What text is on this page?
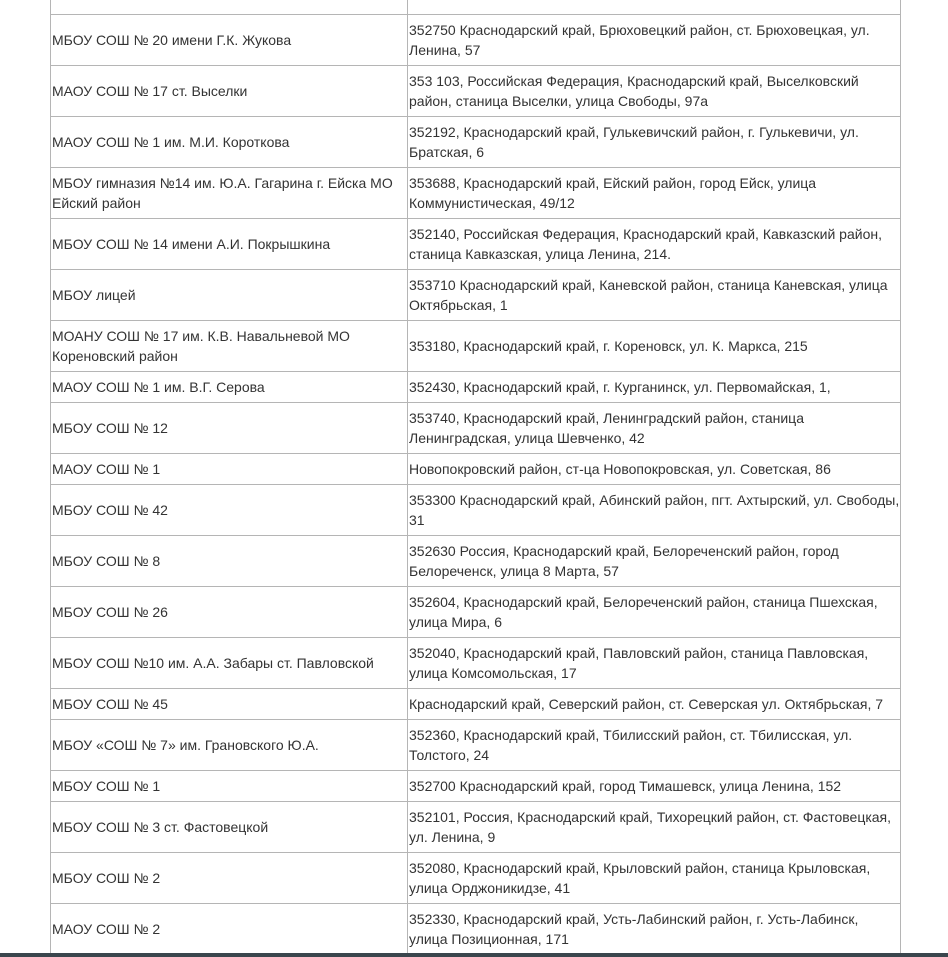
МБОУ СОШ № 20 имени Г.К. Жукова	352750 Краснодарский край, Брюховецкий район, ст. Брюховецкая, ул. Ленина, 57
МАОУ СОШ № 17 ст. Выселки	353 103, Российская Федерация, Краснодарский край, Выселковский район, станица Выселки, улица Свободы, 97а
МАОУ СОШ № 1 им. М.И. Короткова	352192, Краснодарский край, Гулькевичский район, г. Гулькевичи, ул. Братская, 6
МБОУ гимназия №14 им. Ю.А. Гагарина г. Ейска МО Ейский район	353688, Краснодарский край, Ейский район, город Ейск, улица Коммунистическая, 49/12
МБОУ СОШ № 14 имени А.И. Покрышкина	352140, Российская Федерация, Краснодарский край, Кавказский район, станица Кавказская, улица Ленина, 214.
МБОУ лицей	353710 Краснодарский край, Каневской район, станица Каневская, улица Октябрьская, 1
МОАНУ СОШ № 17 им. К.В. Навальневой МО Кореновский район	353180, Краснодарский край, г. Кореновск, ул. К. Маркса, 215
МАОУ СОШ № 1 им. В.Г. Серова	352430, Краснодарский край, г. Курганинск, ул. Первомайская, 1,
МБОУ СОШ № 12	353740, Краснодарский край, Ленинградский район, станица Ленинградская, улица Шевченко, 42
МАОУ СОШ № 1	Новопокровский район, ст-ца Новопокровская, ул. Советская, 86
МБОУ СОШ № 42	353300 Краснодарский край, Абинский район, пгт. Ахтырский, ул. Свободы, 31
МБОУ СОШ № 8	352630 Россия, Краснодарский край, Белореченский район, город Белореченск, улица 8 Марта, 57
МБОУ СОШ № 26	352604, Краснодарский край, Белореченский район, станица Пшехская, улица Мира, 6
МБОУ СОШ №10 им. А.А. Забары ст. Павловской	352040, Краснодарский край, Павловский район, станица Павловская, улица Комсомольская, 17
МБОУ СОШ № 45	Краснодарский край, Северский район, ст. Северская ул. Октябрьская, 7
МБОУ «СОШ № 7» им. Грановского Ю.А.	352360, Краснодарский край, Тбилисский район, ст. Тбилисская, ул. Толстого, 24
МБОУ СОШ № 1	352700 Краснодарский край, город Тимашевск, улица Ленина, 152
МБОУ СОШ № 3 ст. Фастовецкой	352101, Россия, Краснодарский край, Тихорецкий район, ст. Фастовецкая, ул. Ленина, 9
МБОУ СОШ № 2	352080, Краснодарский край, Крыловский район, станица Крыловская, улица Орджоникидзе, 41
МАОУ СОШ № 2	352330, Краснодарский край, Усть-Лабинский район, г. Усть-Лабинск, улица Позиционная, 171
